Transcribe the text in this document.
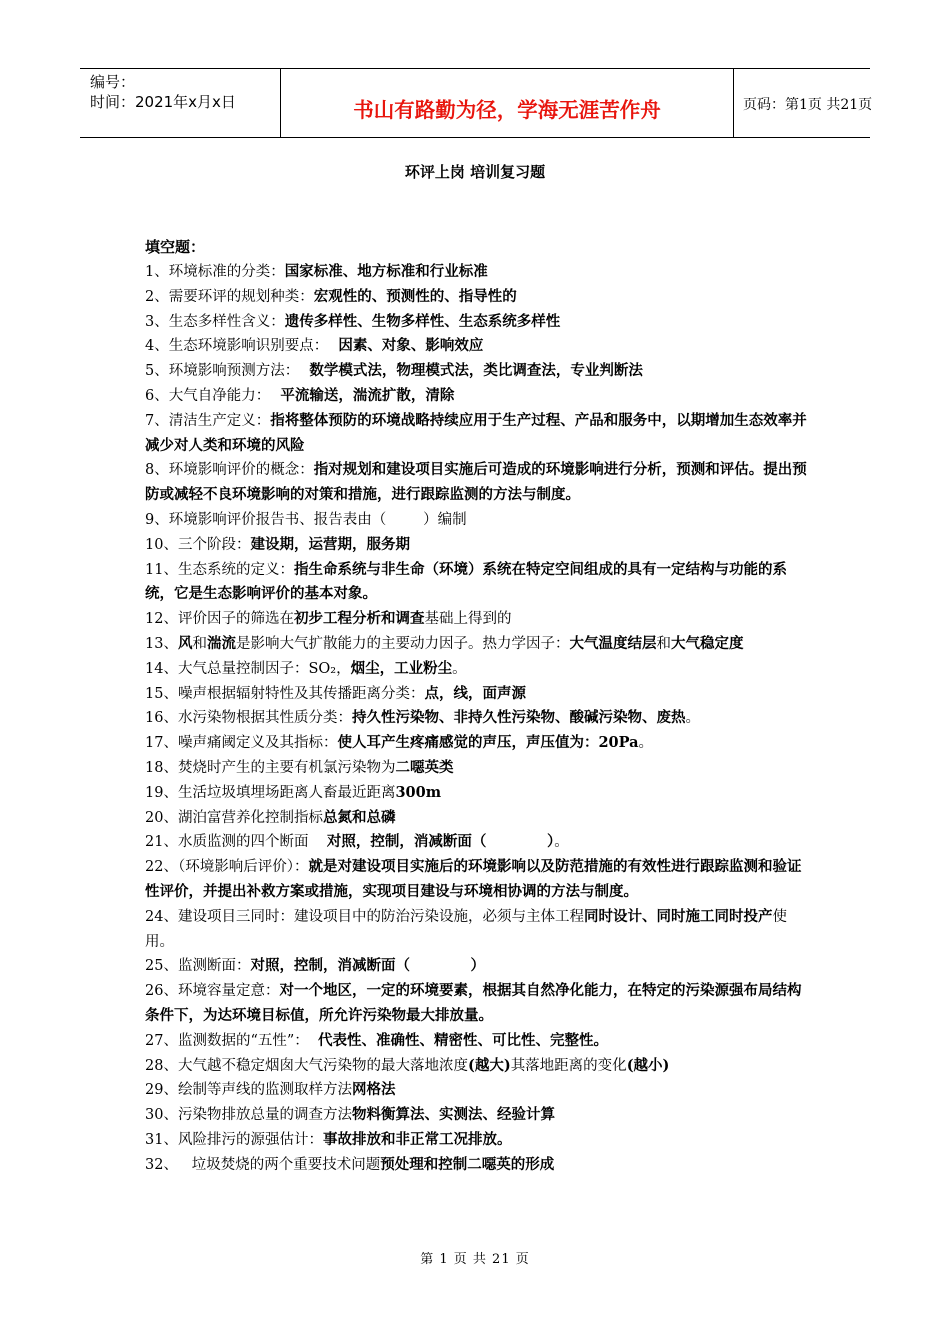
编号：
时间：2021年x月x日	书山有路勤为径，学海无涯苦作舟	页码：第1页 共21页
环评上岗 培训复习题
填空题：

1、环境标准的分类：国家标准、地方标准和行业标准

2、需要环评的规划种类：宏观性的、预测性的、指导性的

3、生态多样性含义：遗传多样性、生物多样性、生态系统多样性

4、生态环境影响识别要点：  因素、对象、影响效应

5、环境影响预测方法：  数学模式法，物理模式法，类比调查法，专业判断法

6、大气自净能力：  平流输送，湍流扩散，清除

7、清洁生产定义：指将整体预防的环境战略持续应用于生产过程、产品和服务中，以期增加生态效率并减少对人类和环境的风险

8、环境影响评价的概念：指对规划和建设项目实施后可造成的环境影响进行分析，预测和评估。提出预防或减轻不良环境影响的对策和措施，进行跟踪监测的方法与制度。

9、环境影响评价报告书、报告表由（        ）编制

10、三个阶段：建设期，运营期，服务期

11、生态系统的定义：指生命系统与非生命（环境）系统在特定空间组成的具有一定结构与功能的系统，它是生态影响评价的基本对象。

12、评价因子的筛选在初步工程分析和调查基础上得到的

13、风和湍流是影响大气扩散能力的主要动力因子。热力学因子：大气温度结层和大气稳定度

14、大气总量控制因子：SO₂，烟尘，工业粉尘。

15、噪声根据辐射特性及其传播距离分类：点，线，面声源

16、水污染物根据其性质分类：持久性污染物、非持久性污染物、酸碱污染物、废热。

17、噪声痛阈定义及其指标：使人耳产生疼痛感觉的声压，声压值为：20Pa。

18、焚烧时产生的主要有机氯污染物为二噁英类

19、生活垃圾填埋场距离人畜最近距离300m

20、湖泊富营养化控制指标总氮和总磷

21、水质监测的四个断面    对照，控制，消减断面（            ）。

22、（环境影响后评价）：就是对建设项目实施后的环境影响以及防范措施的有效性进行跟踪监测和验证性评价，并提出补救方案或措施，实现项目建设与环境相协调的方法与制度。

24、建设项目三同时：建设项目中的防治污染设施，必须与主体工程同时设计、同时施工同时投产使用。

25、监测断面：对照，控制，消减断面（            ）

26、环境容量定意：对一个地区，一定的环境要素，根据其自然净化能力，在特定的污染源强布局结构条件下，为达环境目标值，所允许污染物最大排放量。

27、监测数据的“五性”：  代表性、准确性、精密性、可比性、完整性。

28、大气越不稳定烟囱大气污染物的最大落地浓度(越大)其落地距离的变化(越小)

29、绘制等声线的监测取样方法网格法

30、污染物排放总量的调查方法物料衡算法、实测法、经验计算

31、风险排污的源强估计：事故排放和非正常工况排放。

32、   垃圾焚烧的两个重要技术问题预处理和控制二噁英的形成

第 1 页 共 21 页
